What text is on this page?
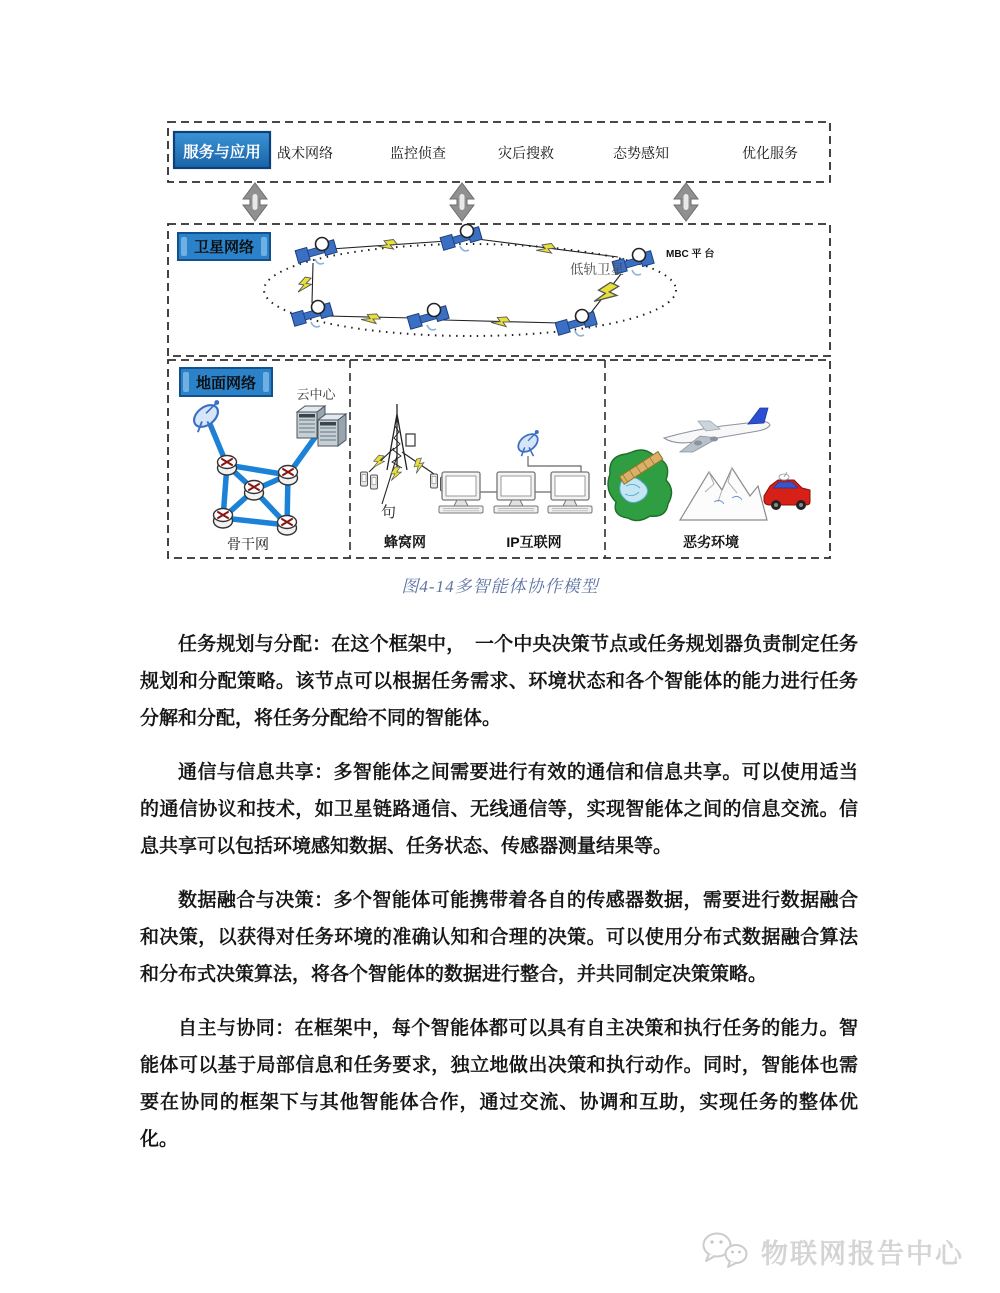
服务与应用 战术网络	监控侦查	灾后搜救	态势感知	优化服务
卫星网络
低轨卫星
MBC 平 台
地面网络
云中心
骨干网
句
蜂窝网	IP互联网	恶劣环境
图4-14多智能体协作模型

任务规划与分配：在这个框架中，　一个中央决策节点或任务规划器负责制定任务规划和分配策略。该节点可以根据任务需求、环境状态和各个智能体的能力进行任务分解和分配，将任务分配给不同的智能体。

通信与信息共享：多智能体之间需要进行有效的通信和信息共享。可以使用适当的通信协议和技术，如卫星链路通信、无线通信等，实现智能体之间的信息交流。信息共享可以包括环境感知数据、任务状态、传感器测量结果等。

数据融合与决策：多个智能体可能携带着各自的传感器数据，需要进行数据融合和决策，以获得对任务环境的准确认知和合理的决策。可以使用分布式数据融合算法和分布式决策算法，将各个智能体的数据进行整合，并共同制定决策策略。

自主与协同：在框架中，每个智能体都可以具有自主决策和执行任务的能力。智能体可以基于局部信息和任务要求，独立地做出决策和执行动作。同时，智能体也需要在协同的框架下与其他智能体合作，通过交流、协调和互助，实现任务的整体优化。

物联网报告中心
